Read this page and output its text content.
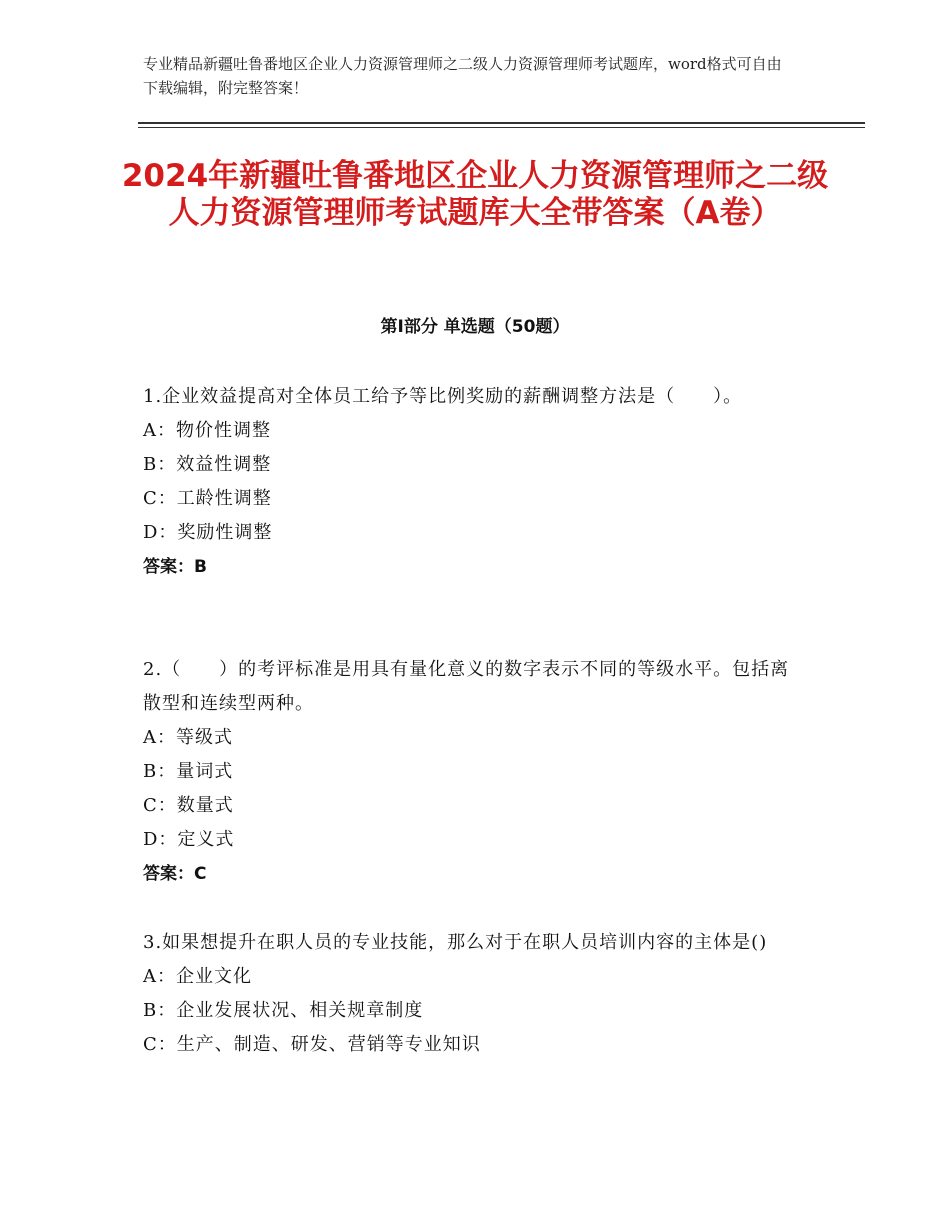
专业精品新疆吐鲁番地区企业人力资源管理师之二级人力资源管理师考试题库，word格式可自由下载编辑，附完整答案！
2024年新疆吐鲁番地区企业人力资源管理师之二级人力资源管理师考试题库大全带答案（A卷）
第Ⅰ部分 单选题（50题）

1.企业效益提高对全体员工给予等比例奖励的薪酬调整方法是（　　）。

A：物价性调整

B：效益性调整

C：工龄性调整

D：奖励性调整

答案：B

2.（　　）的考评标准是用具有量化意义的数字表示不同的等级水平。包括离散型和连续型两种。

A：等级式

B：量词式

C：数量式

D：定义式

答案：C

3.如果想提升在职人员的专业技能，那么对于在职人员培训内容的主体是()

A：企业文化

B：企业发展状况、相关规章制度

C：生产、制造、研发、营销等专业知识
